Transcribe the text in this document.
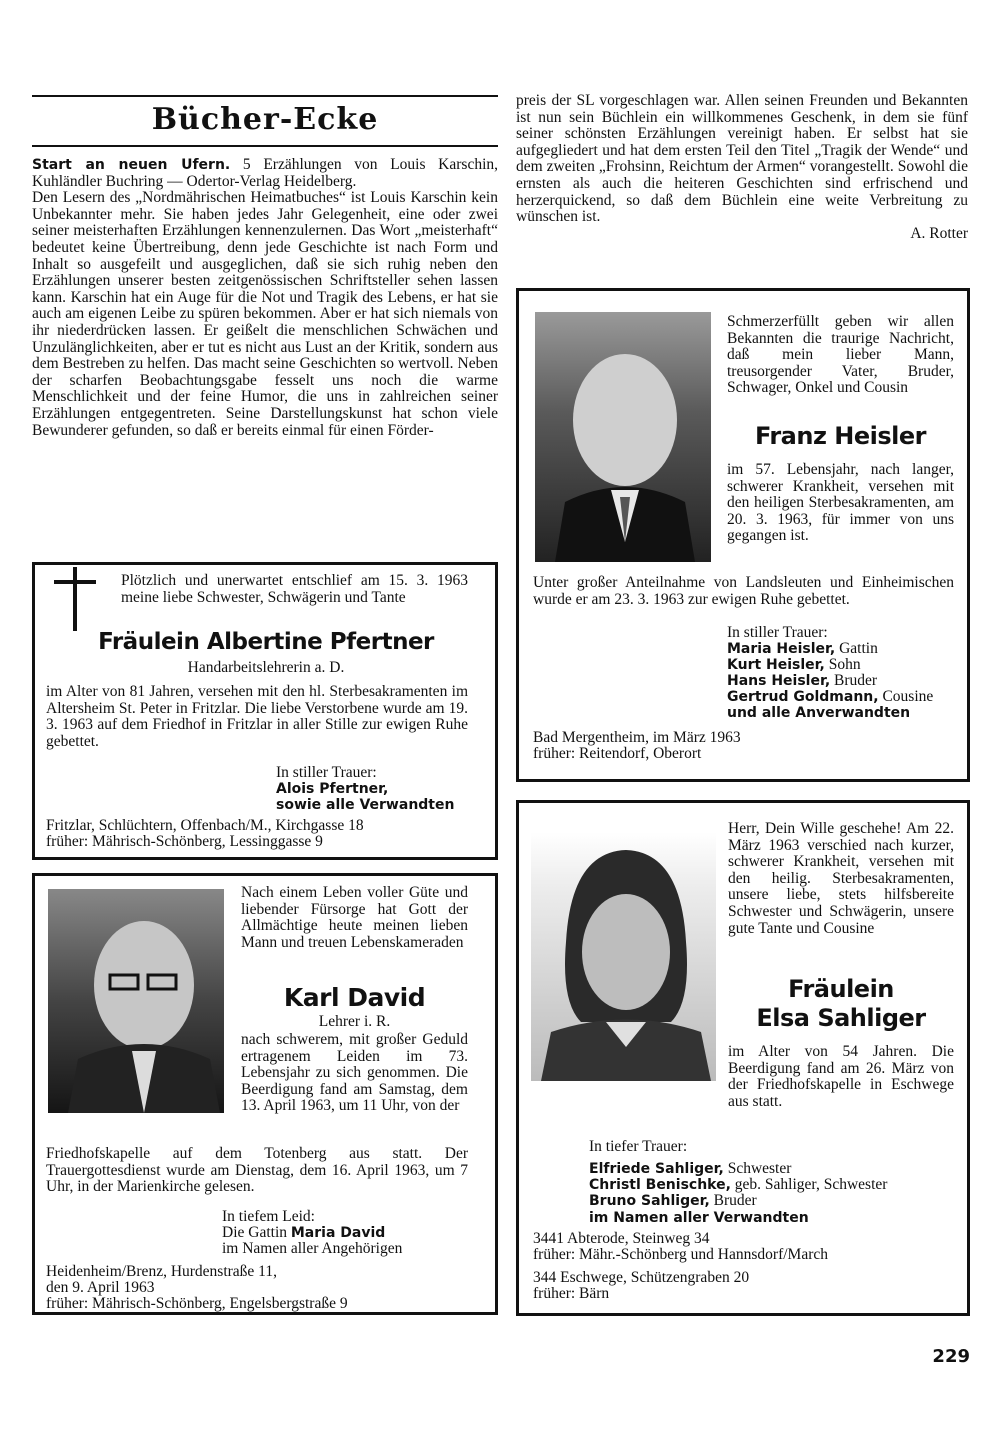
Bücher-Ecke

Start an neuen Ufern. 5 Erzählungen von Louis Karschin, Kuhländler Buchring — Odertor-Verlag Heidelberg.

Den Lesern des „Nordmährischen Heimatbuches“ ist Louis Karschin kein Unbekannter mehr. Sie haben jedes Jahr Gelegenheit, eine oder zwei seiner meisterhaften Erzählungen kennenzulernen. Das Wort „meisterhaft“ bedeutet keine Übertreibung, denn jede Geschichte ist nach Form und Inhalt so ausgefeilt und ausgeglichen, daß sie sich ruhig neben den Erzählungen unserer besten zeitgenössischen Schriftsteller sehen lassen kann. Karschin hat ein Auge für die Not und Tragik des Lebens, er hat sie auch am eigenen Leibe zu spüren bekommen. Aber er hat sich niemals von ihr niederdrücken lassen. Er geißelt die menschlichen Schwächen und Unzulänglichkeiten, aber er tut es nicht aus Lust an der Kritik, sondern aus dem Bestreben zu helfen. Das macht seine Geschichten so wertvoll. Neben der scharfen Beobachtungsgabe fesselt uns noch die warme Menschlichkeit und der feine Humor, die uns in zahlreichen seiner Erzählungen entgegentreten. Seine Darstellungskunst hat schon viele Bewunderer gefunden, so daß er bereits einmal für einen Förder-

preis der SL vorgeschlagen war. Allen seinen Freunden und Bekannten ist nun sein Büchlein ein willkommenes Geschenk, in dem sie fünf seiner schönsten Erzählungen vereinigt haben. Er selbst hat sie aufgegliedert und hat dem ersten Teil den Titel „Tragik der Wende“ und dem zweiten „Frohsinn, Reichtum der Armen“ vorangestellt. Sowohl die ernsten als auch die heiteren Geschichten sind erfrischend und herzerquickend, so daß dem Büchlein eine weite Verbreitung zu wünschen ist.

A. Rotter

Plötzlich und unerwartet entschlief am 15. 3. 1963 meine liebe Schwester, Schwägerin und Tante
Fräulein Albertine Pfertner
Handarbeitslehrerin a. D.
im Alter von 81 Jahren, versehen mit den hl. Sterbesakramenten im Altersheim St. Peter in Fritzlar. Die liebe Verstorbene wurde am 19. 3. 1963 auf dem Friedhof in Fritzlar in aller Stille zur ewigen Ruhe gebettet.
In stiller Trauer:
Alois Pfertner,
sowie alle Verwandten
Fritzlar, Schlüchtern, Offenbach/M., Kirchgasse 18
früher: Mährisch-Schönberg, Lessinggasse 9
Schmerzerfüllt geben wir allen Bekannten die traurige Nachricht, daß mein lieber Mann, treusorgender Vater, Bruder, Schwager, Onkel und Cousin
Franz Heisler
im 57. Lebensjahr, nach langer, schwerer Krankheit, versehen mit den heiligen Sterbesakramenten, am 20. 3. 1963, für immer von uns gegangen ist.
Unter großer Anteilnahme von Landsleuten und Einheimischen wurde er am 23. 3. 1963 zur ewigen Ruhe gebettet.
In stiller Trauer:
Maria Heisler, Gattin
Kurt Heisler, Sohn
Hans Heisler, Bruder
Gertrud Goldmann, Cousine
und alle Anverwandten
Bad Mergentheim, im März 1963
früher: Reitendorf, Oberort
Nach einem Leben voller Güte und liebender Fürsorge hat Gott der Allmächtige heute meinen lieben Mann und treuen Lebenskameraden
Karl David
Lehrer i. R.
nach schwerem, mit großer Geduld ertragenem Leiden im 73. Lebensjahr zu sich genommen. Die Beerdigung fand am Samstag, dem 13. April 1963, um 11 Uhr, von der
Friedhofskapelle auf dem Totenberg aus statt. Der Trauergottesdienst wurde am Dienstag, dem 16. April 1963, um 7 Uhr, in der Marienkirche gelesen.
In tiefem Leid:
Die Gattin Maria David
im Namen aller Angehörigen
Heidenheim/Brenz, Hurdenstraße 11,
den 9. April 1963
früher: Mährisch-Schönberg, Engelsbergstraße 9
Herr, Dein Wille geschehe! Am 22. März 1963 verschied nach kurzer, schwerer Krankheit, versehen mit den heilig. Sterbesakramenten, unsere liebe, stets hilfsbereite Schwester und Schwägerin, unsere gute Tante und Cousine
Fräulein
Elsa Sahliger
im Alter von 54 Jahren. Die Beerdigung fand am 26. März von der Friedhofskapelle in Eschwege aus statt.
In tiefer Trauer:
Elfriede Sahliger, Schwester
Christl Benischke, geb. Sahliger, Schwester
Bruno Sahliger, Bruder
im Namen aller Verwandten
3441 Abterode, Steinweg 34
früher: Mähr.-Schönberg und Hannsdorf/March
344 Eschwege, Schützengraben 20
früher: Bärn
229
